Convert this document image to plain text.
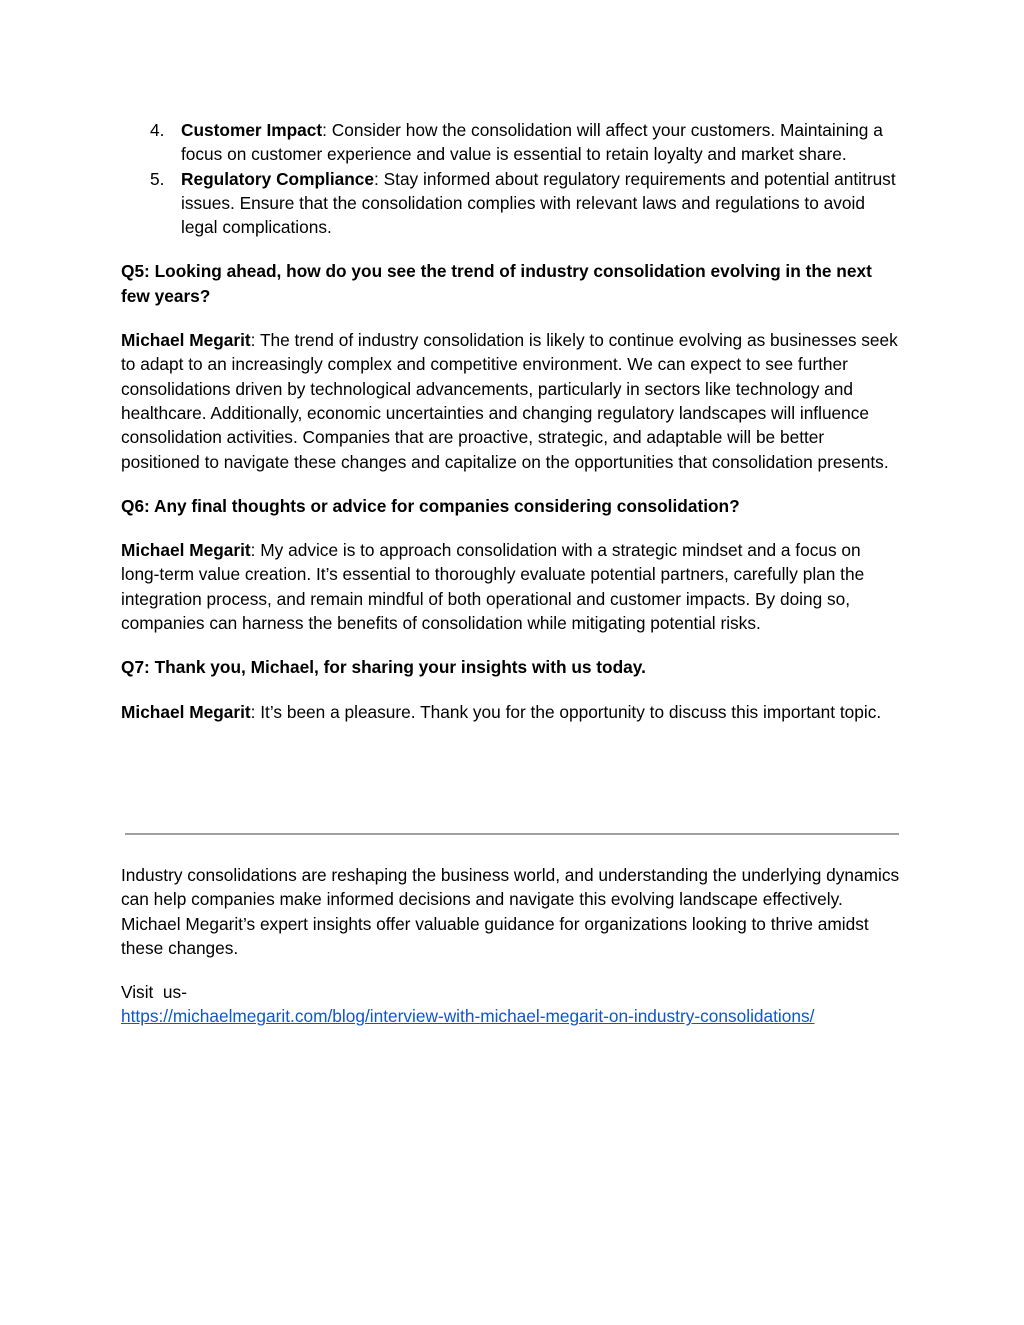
4. Customer Impact: Consider how the consolidation will affect your customers. Maintaining a focus on customer experience and value is essential to retain loyalty and market share.
5. Regulatory Compliance: Stay informed about regulatory requirements and potential antitrust issues. Ensure that the consolidation complies with relevant laws and regulations to avoid legal complications.

Q5: Looking ahead, how do you see the trend of industry consolidation evolving in the next few years?

Michael Megarit: The trend of industry consolidation is likely to continue evolving as businesses seek to adapt to an increasingly complex and competitive environment. We can expect to see further consolidations driven by technological advancements, particularly in sectors like technology and healthcare. Additionally, economic uncertainties and changing regulatory landscapes will influence consolidation activities. Companies that are proactive, strategic, and adaptable will be better positioned to navigate these changes and capitalize on the opportunities that consolidation presents.

Q6: Any final thoughts or advice for companies considering consolidation?

Michael Megarit: My advice is to approach consolidation with a strategic mindset and a focus on long-term value creation. It’s essential to thoroughly evaluate potential partners, carefully plan the integration process, and remain mindful of both operational and customer impacts. By doing so, companies can harness the benefits of consolidation while mitigating potential risks.

Q7: Thank you, Michael, for sharing your insights with us today.

Michael Megarit: It’s been a pleasure. Thank you for the opportunity to discuss this important topic.

Industry consolidations are reshaping the business world, and understanding the underlying dynamics can help companies make informed decisions and navigate this evolving landscape effectively. Michael Megarit’s expert insights offer valuable guidance for organizations looking to thrive amidst these changes.

Visit  us-

https://michaelmegarit.com/blog/interview-with-michael-megarit-on-industry-consolidations/
